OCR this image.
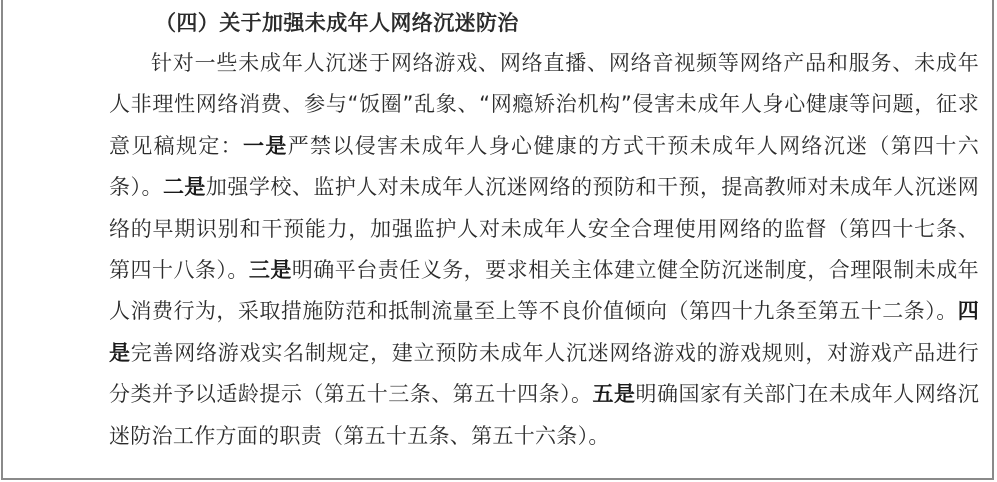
（四）关于加强未成年人网络沉迷防治

针对一些未成年人沉迷于网络游戏、网络直播、网络音视频等网络产品和服务、未成年人非理性网络消费、参与“饭圈”乱象、“网瘾矫治机构”侵害未成年人身心健康等问题，征求意见稿规定：一是严禁以侵害未成年人身心健康的方式干预未成年人网络沉迷（第四十六条）。二是加强学校、监护人对未成年人沉迷网络的预防和干预，提高教师对未成年人沉迷网络的早期识别和干预能力，加强监护人对未成年人安全合理使用网络的监督（第四十七条、第四十八条）。三是明确平台责任义务，要求相关主体建立健全防沉迷制度，合理限制未成年人消费行为，采取措施防范和抵制流量至上等不良价值倾向（第四十九条至第五十二条）。四是完善网络游戏实名制规定，建立预防未成年人沉迷网络游戏的游戏规则，对游戏产品进行分类并予以适龄提示（第五十三条、第五十四条）。五是明确国家有关部门在未成年人网络沉迷防治工作方面的职责（第五十五条、第五十六条）。
